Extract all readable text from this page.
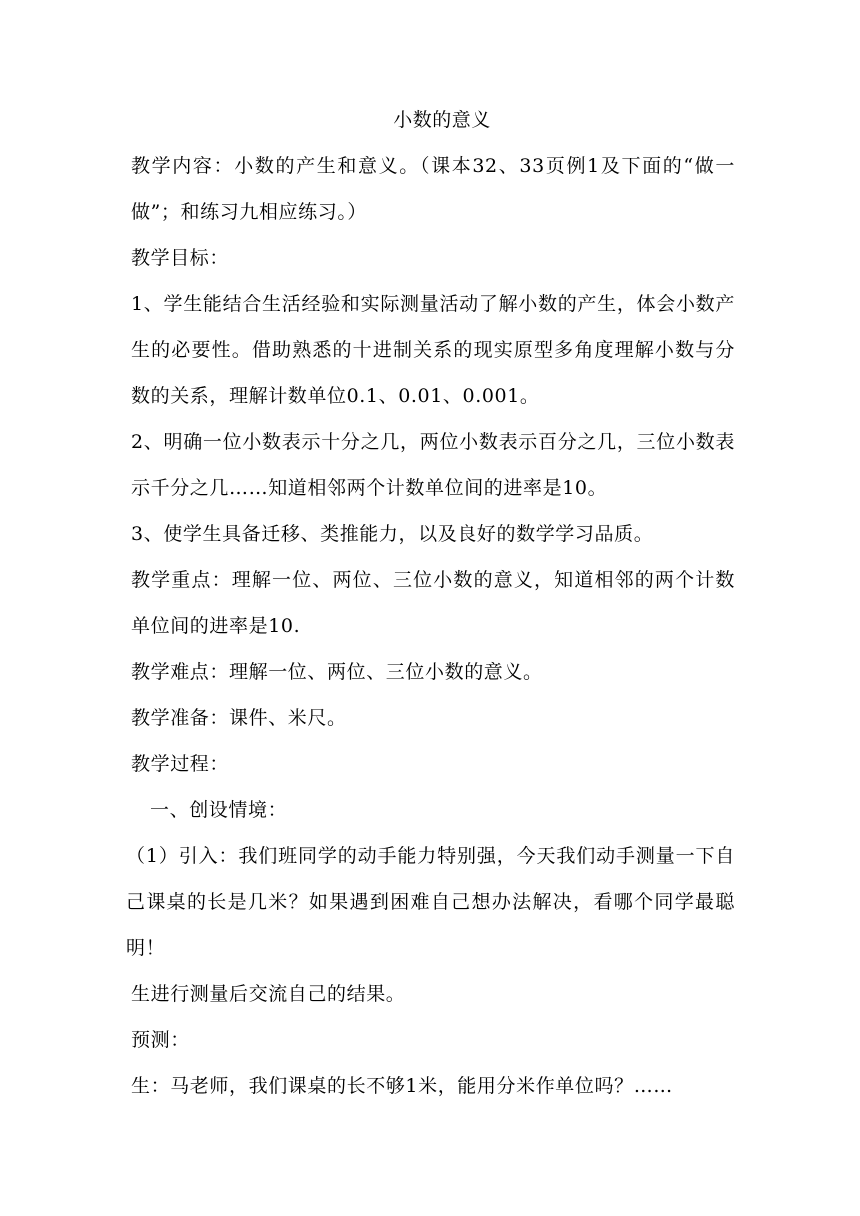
小数的意义

教学内容：小数的产生和意义。（课本32、33页例1及下面的“做一做”；和练习九相应练习。）

教学目标：

1、学生能结合生活经验和实际测量活动了解小数的产生，体会小数产生的必要性。借助熟悉的十进制关系的现实原型多角度理解小数与分数的关系，理解计数单位0.1、0.01、0.001。

2、明确一位小数表示十分之几，两位小数表示百分之几，三位小数表示千分之几……知道相邻两个计数单位间的进率是10。

3、使学生具备迁移、类推能力，以及良好的数学学习品质。

教学重点：理解一位、两位、三位小数的意义，知道相邻的两个计数单位间的进率是10.

教学难点：理解一位、两位、三位小数的意义。

教学准备：课件、米尺。

教学过程：

一、创设情境：

（1）引入：我们班同学的动手能力特别强，今天我们动手测量一下自己课桌的长是几米？如果遇到困难自己想办法解决，看哪个同学最聪明！

生进行测量后交流自己的结果。

预测：

生：马老师，我们课桌的长不够1米，能用分米作单位吗？……
